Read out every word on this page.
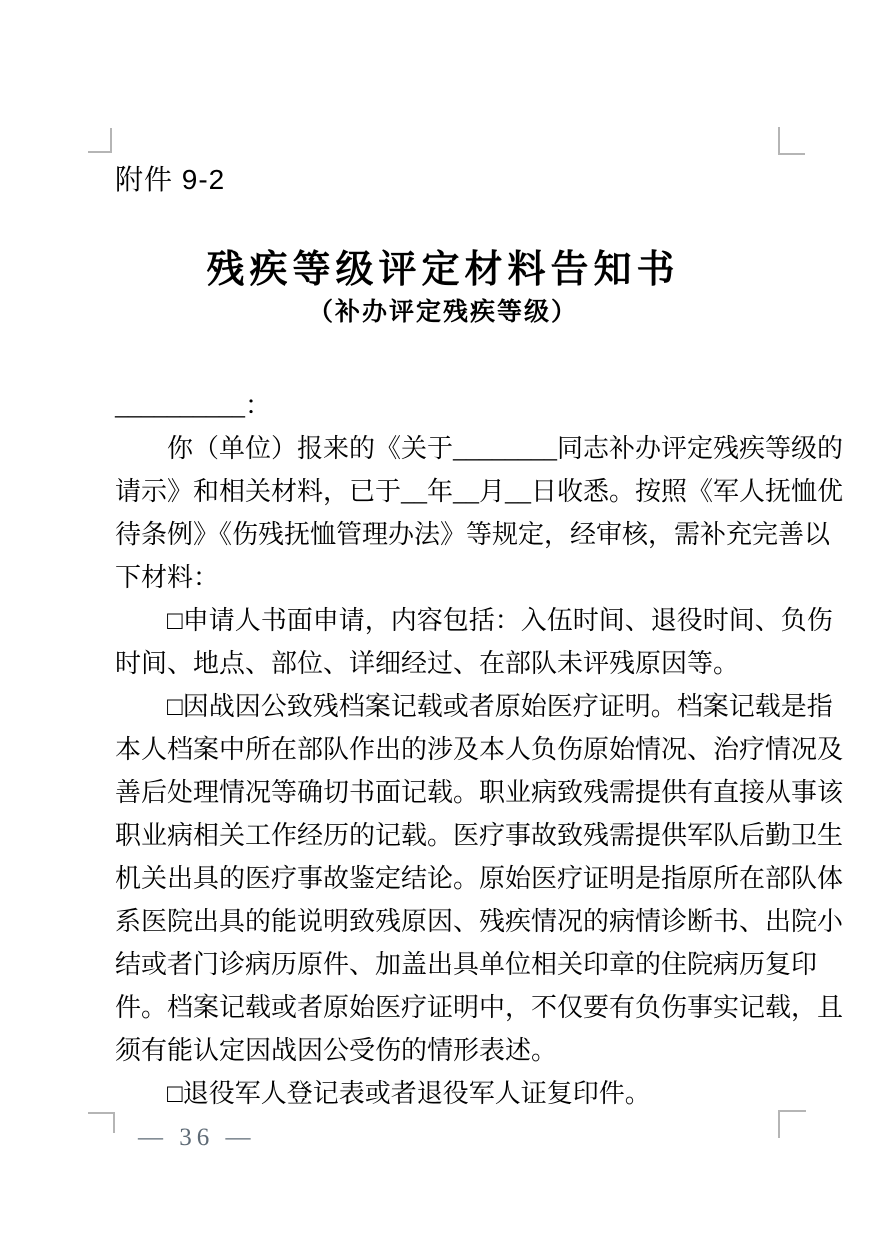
附件 9-2
残疾等级评定材料告知书
（补办评定残疾等级）
__________：
你（单位）报来的《关于________同志补办评定残疾等级的
请示》和相关材料，已于__年__月__日收悉。按照《军人抚恤优
待条例》《伤残抚恤管理办法》等规定，经审核，需补充完善以
下材料：
□申请人书面申请，内容包括：入伍时间、退役时间、负伤
时间、地点、部位、详细经过、在部队未评残原因等。
□因战因公致残档案记载或者原始医疗证明。档案记载是指
本人档案中所在部队作出的涉及本人负伤原始情况、治疗情况及
善后处理情况等确切书面记载。职业病致残需提供有直接从事该
职业病相关工作经历的记载。医疗事故致残需提供军队后勤卫生
机关出具的医疗事故鉴定结论。原始医疗证明是指原所在部队体
系医院出具的能说明致残原因、残疾情况的病情诊断书、出院小
结或者门诊病历原件、加盖出具单位相关印章的住院病历复印
件。档案记载或者原始医疗证明中，不仅要有负伤事实记载，且
须有能认定因战因公受伤的情形表述。
□退役军人登记表或者退役军人证复印件。
— 36 —
